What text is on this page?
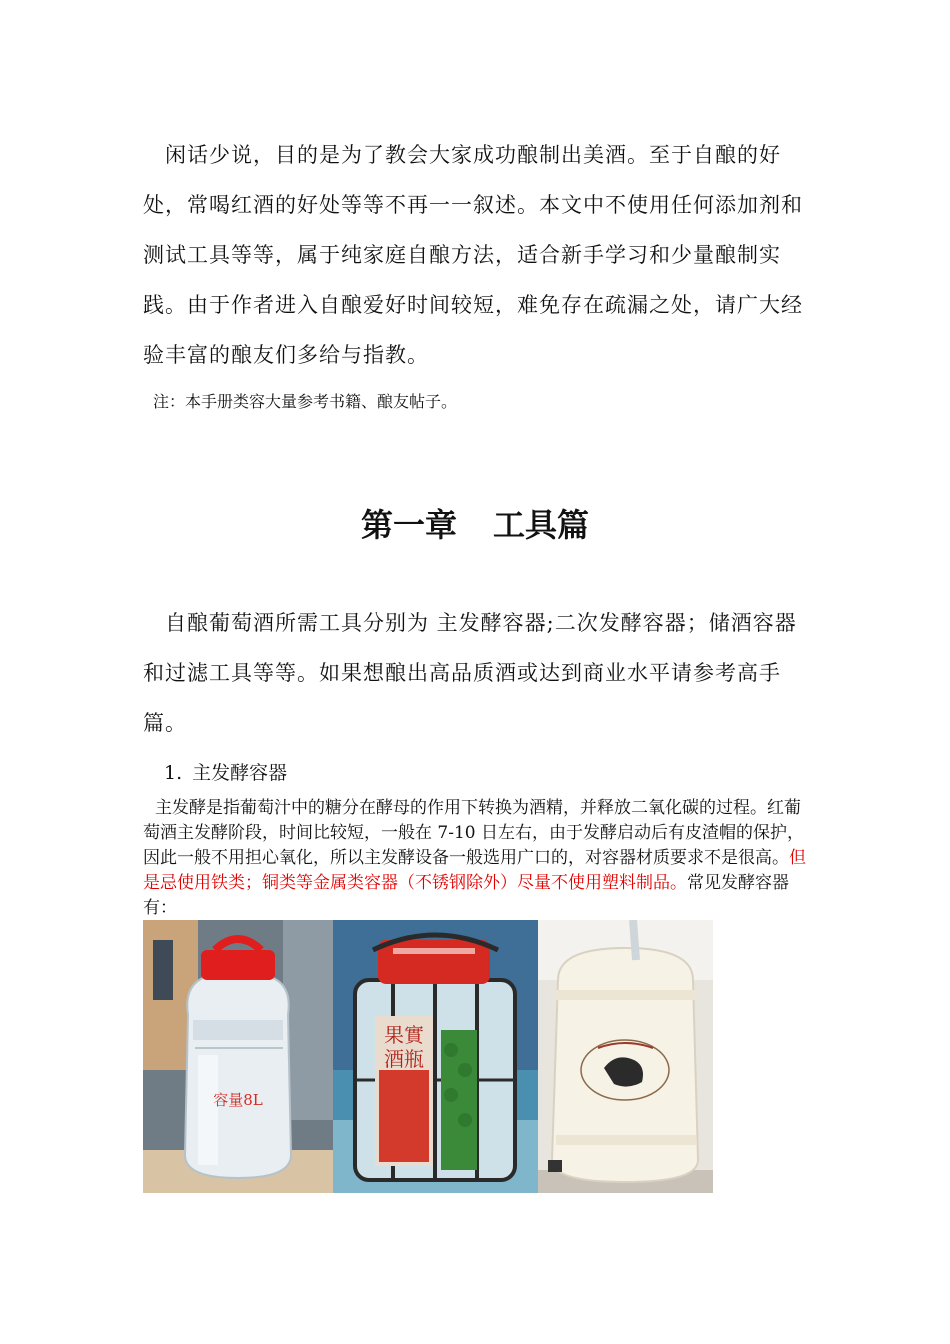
闲话少说，目的是为了教会大家成功酿制出美酒。至于自酿的好处，常喝红酒的好处等等不再一一叙述。本文中不使用任何添加剂和测试工具等等，属于纯家庭自酿方法，适合新手学习和少量酿制实践。由于作者进入自酿爱好时间较短，难免存在疏漏之处，请广大经验丰富的酿友们多给与指教。

注：本手册类容大量参考书籍、酿友帖子。
第一章 工具篇

自酿葡萄酒所需工具分别为 主发酵容器;二次发酵容器；储酒容器和过滤工具等等。如果想酿出高品质酒或达到商业水平请参考高手篇。

1. 主发酵容器

主发酵是指葡萄汁中的糖分在酵母的作用下转换为酒精，并释放二氧化碳的过程。红葡萄酒主发酵阶段，时间比较短，一般在 7-10 日左右，由于发酵启动后有皮渣帽的保护，因此一般不用担心氧化，所以主发酵设备一般选用广口的，对容器材质要求不是很高。但是忌使用铁类；铜类等金属类容器（不锈钢除外）尽量不使用塑料制品。常见发酵容器有：

容量8L
果實
酒瓶
